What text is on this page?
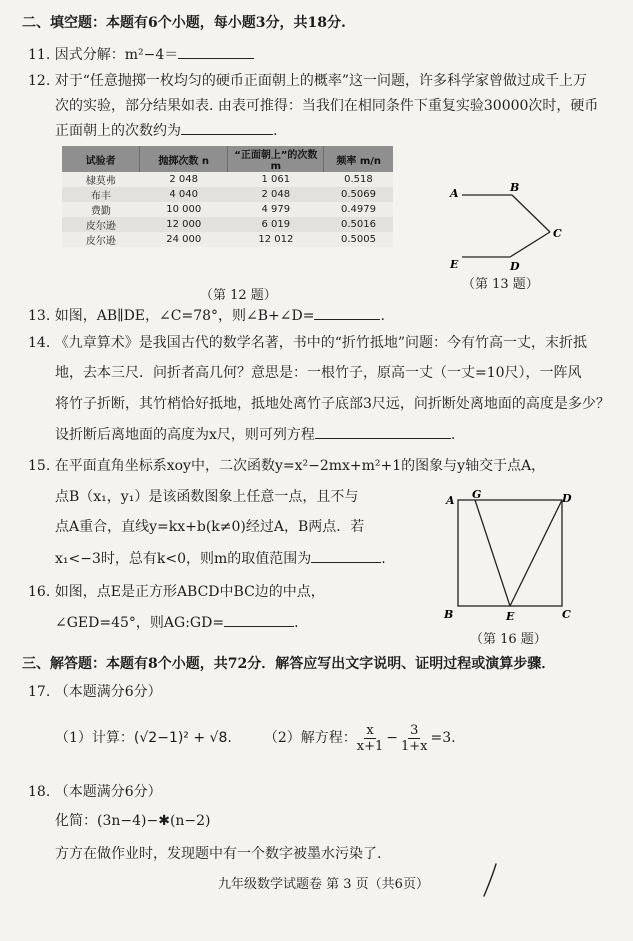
二、填空题：本题有6个小题，每小题3分，共18分.
11. 因式分解：m²−4＝
12. 对于“任意抛掷一枚均匀的硬币正面朝上的概率”这一问题，许多科学家曾做过成千上万
次的实验，部分结果如表. 由表可推得：当我们在相同条件下重复实验30000次时，硬币
正面朝上的次数约为	.
试验者	抛掷次数 n	“正面朝上”的次数 m	频率 m/n
棣莫弗	2 048	1 061	0.518
布丰	4 040	2 048	0.5069
费勤	10 000	4 979	0.4979
皮尔逊	12 000	6 019	0.5016
皮尔逊	24 000	12 012	0.5005
（第 12 题）
A	B
C
D
E
（第 13 题）
13. 如图，AB∥DE，∠C=78°，则∠B+∠D=	.
14. 《九章算术》是我国古代的数学名著，书中的“折竹抵地”问题：今有竹高一丈，末折抵
地，去本三尺．问折者高几何？意思是：一根竹子，原高一丈（一丈=10尺），一阵风
将竹子折断，其竹梢恰好抵地，抵地处离竹子底部3尺远，问折断处离地面的高度是多少？
设折断后离地面的高度为x尺，则可列方程	.
15. 在平面直角坐标系xoy中，二次函数y=x²−2mx+m²+1的图象与y轴交于点A，
点B（x₁，y₁）是该函数图象上任意一点，且不与
点A重合，直线y=kx+b(k≠0)经过A，B两点．若
x₁<−3时，总有k<0，则m的取值范围为	.
A G	D
B	E	C
（第 16 题）
16. 如图，点E是正方形ABCD中BC边的中点，
∠GED=45°，则AG:GD=	.
三、解答题：本题有8个小题，共72分．解答应写出文字说明、证明过程或演算步骤．
17. （本题满分6分）
（1）计算： (√2−1)² + √8. （2）解方程： $\frac{x}{x+1} - \frac{3}{1+x} =3$.
18. （本题满分6分）
化简：(3n−4)−✱(n−2)
方方在做作业时，发现题中有一个数字被墨水污染了.
九年级数学试题卷 第 3 页（共6页）
